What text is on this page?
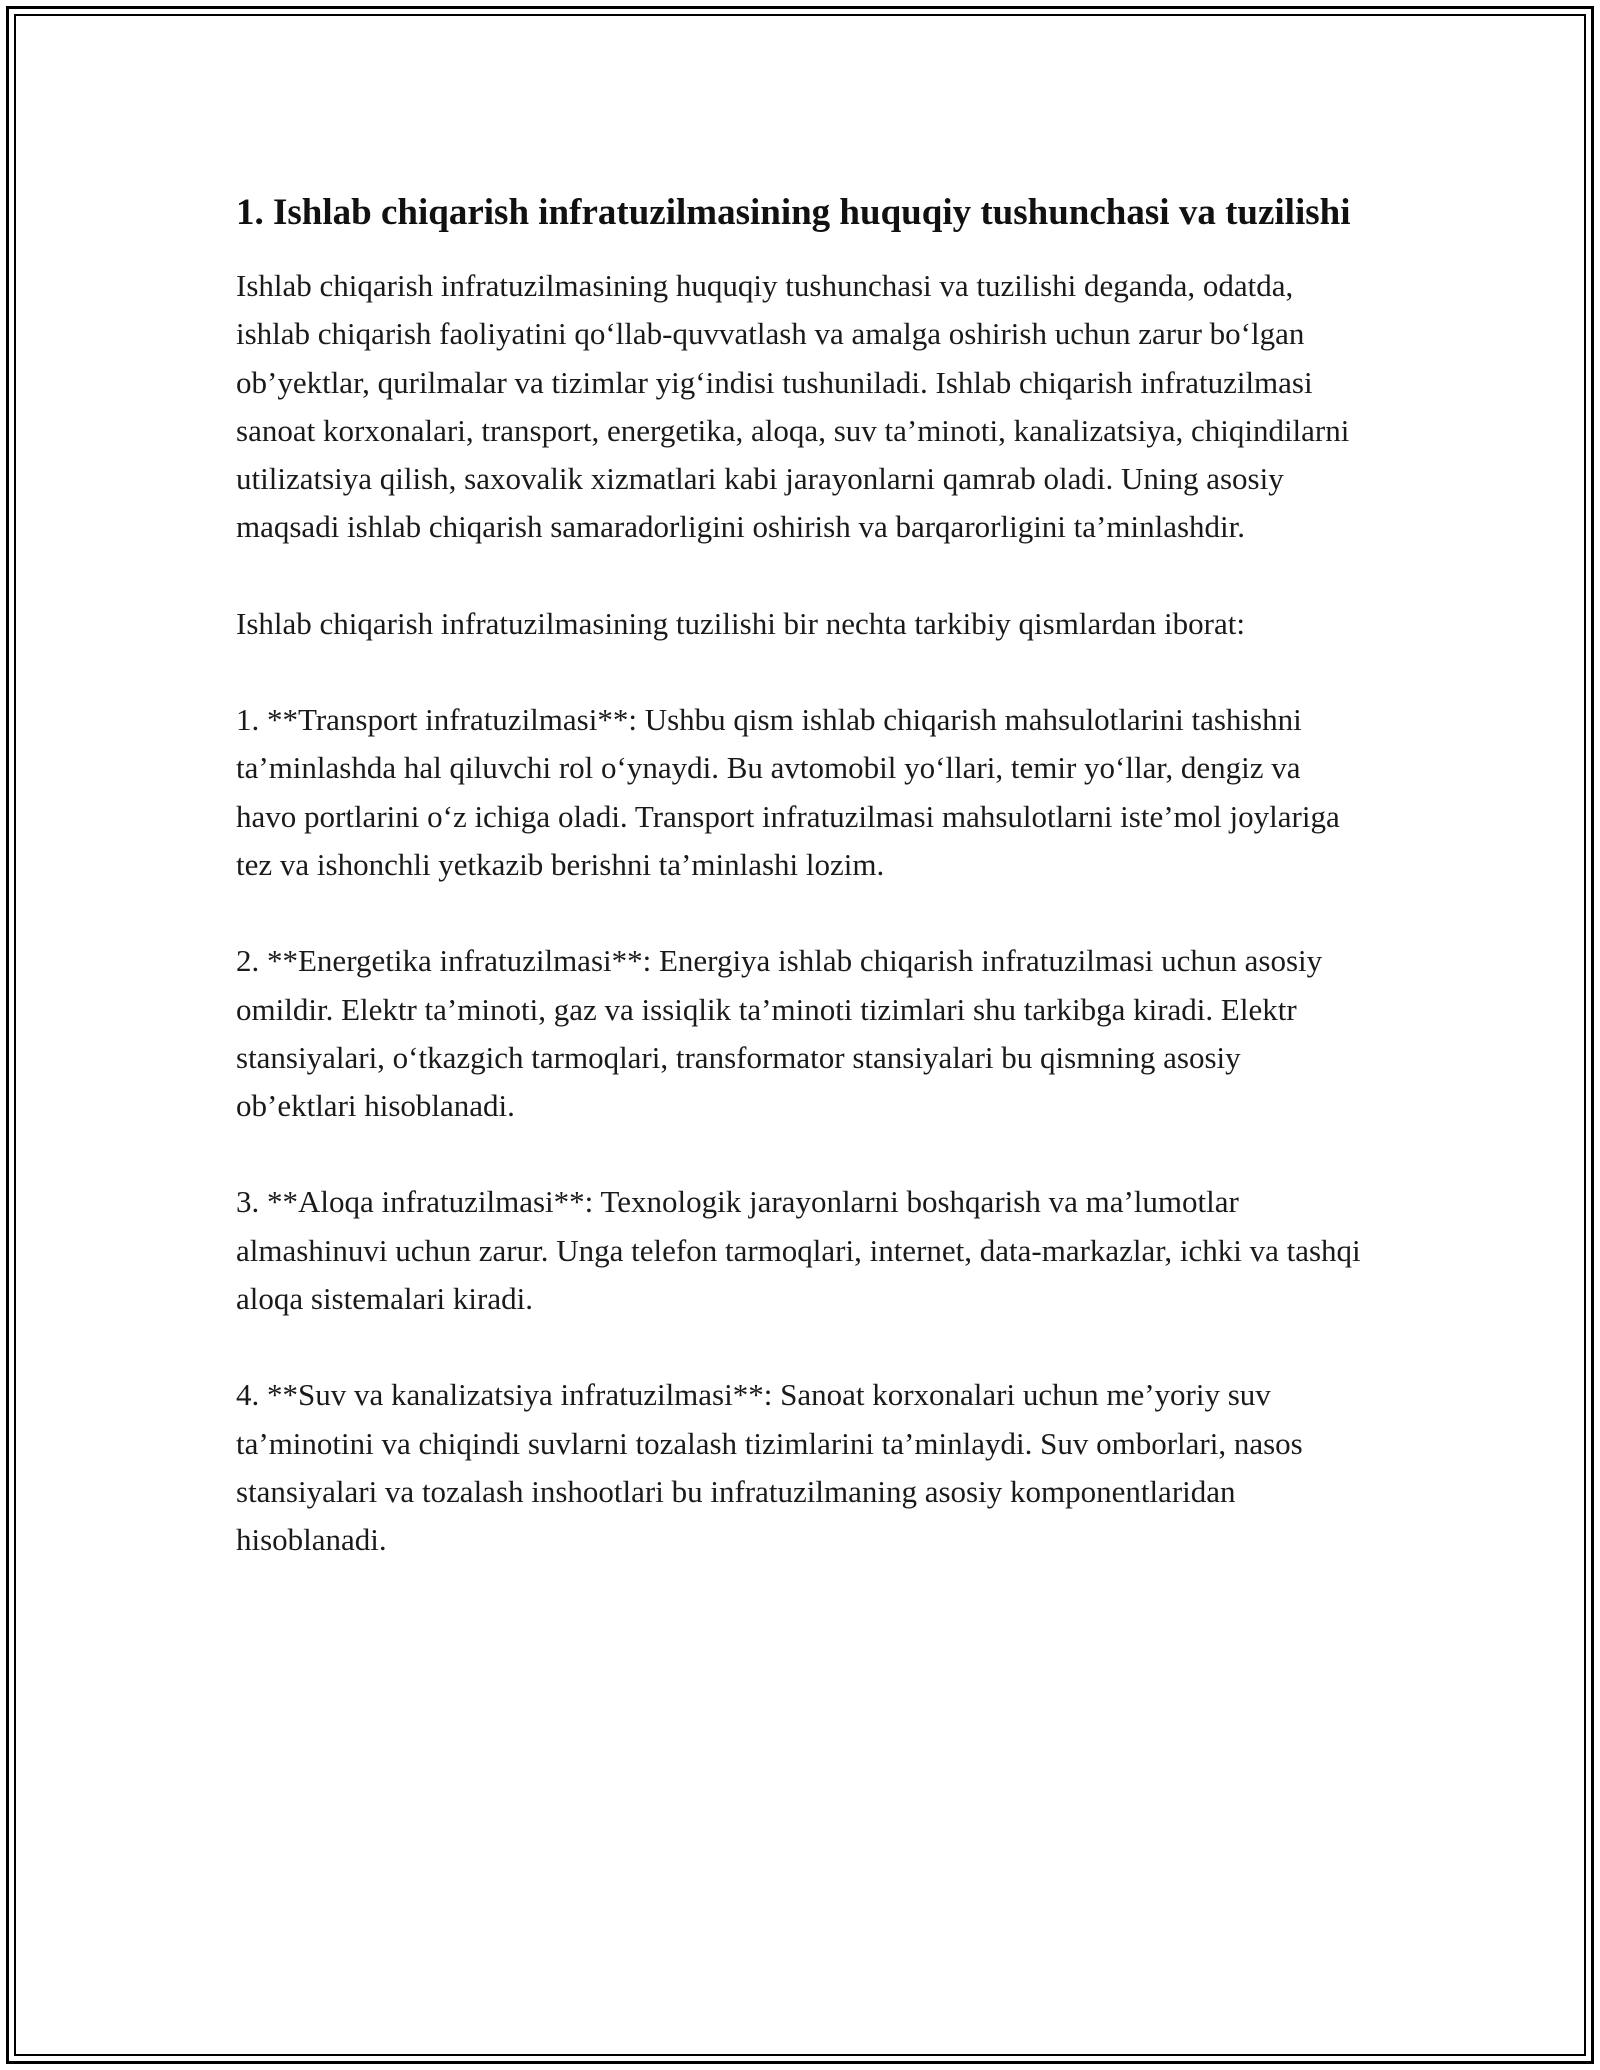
1. Ishlab chiqarish infratuzilmasining huquqiy tushunchasi va tuzilishi

Ishlab chiqarish infratuzilmasining huquqiy tushunchasi va tuzilishi deganda, odatda, ishlab chiqarish faoliyatini qo‘llab-quvvatlash va amalga oshirish uchun zarur bo‘lgan ob’yektlar, qurilmalar va tizimlar yig‘indisi tushuniladi. Ishlab chiqarish infratuzilmasi sanoat korxonalari, transport, energetika, aloqa, suv ta’minoti, kanalizatsiya, chiqindilarni utilizatsiya qilish, saxovalik xizmatlari kabi jarayonlarni qamrab oladi. Uning asosiy maqsadi ishlab chiqarish samaradorligini oshirish va barqarorligini ta’minlashdir.

Ishlab chiqarish infratuzilmasining tuzilishi bir nechta tarkibiy qismlardan iborat:

1. **Transport infratuzilmasi**: Ushbu qism ishlab chiqarish mahsulotlarini tashishni ta’minlashda hal qiluvchi rol o‘ynaydi. Bu avtomobil yo‘llari, temir yo‘llar, dengiz va havo portlarini o‘z ichiga oladi. Transport infratuzilmasi mahsulotlarni iste’mol joylariga tez va ishonchli yetkazib berishni ta’minlashi lozim.

2. **Energetika infratuzilmasi**: Energiya ishlab chiqarish infratuzilmasi uchun asosiy omildir. Elektr ta’minoti, gaz va issiqlik ta’minoti tizimlari shu tarkibga kiradi. Elektr stansiyalari, o‘tkazgich tarmoqlari, transformator stansiyalari bu qismning asosiy ob’ektlari hisoblanadi.

3. **Aloqa infratuzilmasi**: Texnologik jarayonlarni boshqarish va ma’lumotlar almashinuvi uchun zarur. Unga telefon tarmoqlari, internet, data-markazlar, ichki va tashqi aloqa sistemalari kiradi.

4. **Suv va kanalizatsiya infratuzilmasi**: Sanoat korxonalari uchun me’yoriy suv ta’minotini va chiqindi suvlarni tozalash tizimlarini ta’minlaydi. Suv omborlari, nasos stansiyalari va tozalash inshootlari bu infratuzilmaning asosiy komponentlaridan hisoblanadi.
